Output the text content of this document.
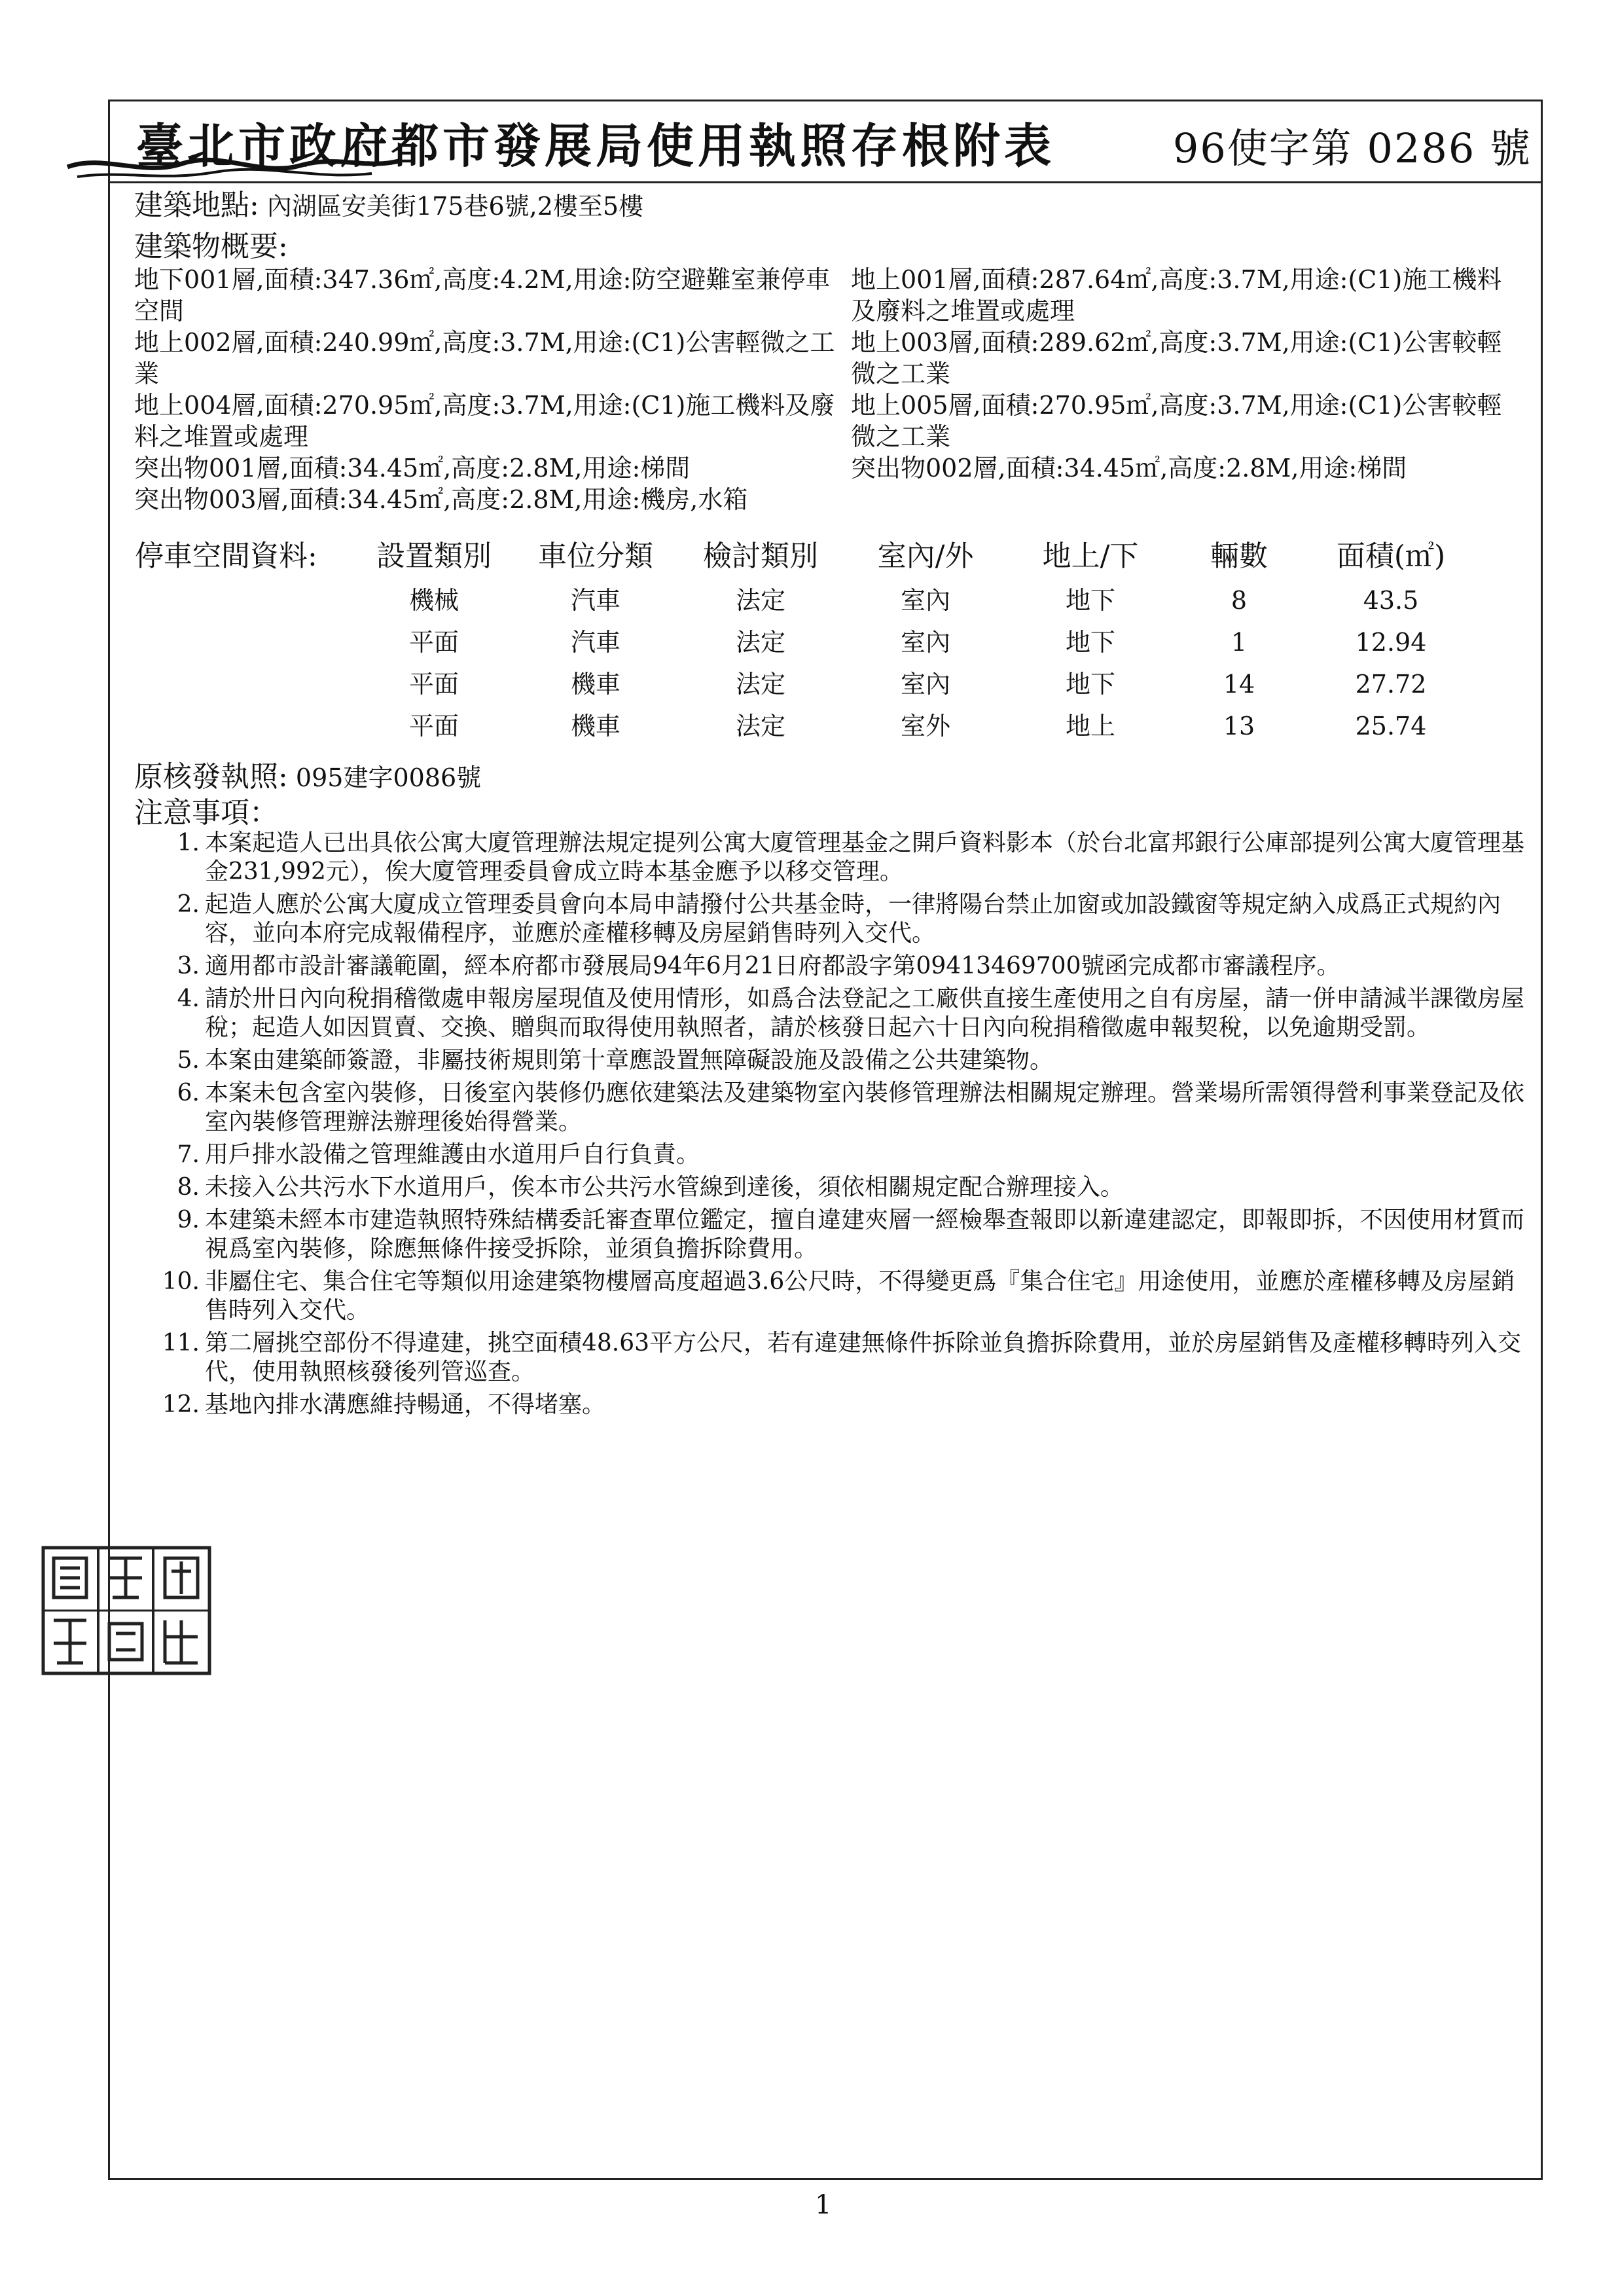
臺北市政府都市發展局使用執照存根附表	96使字第 0286 號
建築地點: 內湖區安美街175巷6號,2樓至5樓
建築物概要:
地下001層,面積:347.36㎡,高度:4.2M,用途:防空避難室兼停車空間
地上001層,面積:287.64㎡,高度:3.7M,用途:(C1)施工機料及廢料之堆置或處理
地上002層,面積:240.99㎡,高度:3.7M,用途:(C1)公害輕微之工業
地上003層,面積:289.62㎡,高度:3.7M,用途:(C1)公害較輕微之工業
地上004層,面積:270.95㎡,高度:3.7M,用途:(C1)施工機料及廢料之堆置或處理
地上005層,面積:270.95㎡,高度:3.7M,用途:(C1)公害較輕微之工業
突出物001層,面積:34.45㎡,高度:2.8M,用途:梯間	突出物002層,面積:34.45㎡,高度:2.8M,用途:梯間
突出物003層,面積:34.45㎡,高度:2.8M,用途:機房,水箱
停車空間資料:	設置類別	車位分類	檢討類別	室內/外	地上/下	輛數	面積(㎡)
	機械	汽車	法定	室內	地下	8	43.5
	平面	汽車	法定	室內	地下	1	12.94
	平面	機車	法定	室內	地下	14	27.72
	平面	機車	法定	室外	地上	13	25.74
原核發執照: 095建字0086號
注意事項：
1. 本案起造人已出具依公寓大廈管理辦法規定提列公寓大廈管理基金之開戶資料影本（於台北富邦銀行公庫部提列公寓大廈管理基金231,992元），俟大廈管理委員會成立時本基金應予以移交管理。
2. 起造人應於公寓大廈成立管理委員會向本局申請撥付公共基金時，一律將陽台禁止加窗或加設鐵窗等規定納入成爲正式規約內容，並向本府完成報備程序，並應於產權移轉及房屋銷售時列入交代。
3. 適用都市設計審議範圍，經本府都市發展局94年6月21日府都設字第09413469700號函完成都市審議程序。
4. 請於卅日內向稅捐稽徵處申報房屋現值及使用情形，如爲合法登記之工廠供直接生產使用之自有房屋，請一併申請減半課徵房屋稅；起造人如因買賣、交換、贈與而取得使用執照者，請於核發日起六十日內向稅捐稽徵處申報契稅，以免逾期受罰。
5. 本案由建築師簽證，非屬技術規則第十章應設置無障礙設施及設備之公共建築物。
6. 本案未包含室內裝修，日後室內裝修仍應依建築法及建築物室內裝修管理辦法相關規定辦理。營業場所需領得營利事業登記及依室內裝修管理辦法辦理後始得營業。
7. 用戶排水設備之管理維護由水道用戶自行負責。
8. 未接入公共污水下水道用戶，俟本市公共污水管線到達後，須依相關規定配合辦理接入。
9. 本建築未經本市建造執照特殊結構委託審查單位鑑定，擅自違建夾層一經檢舉查報即以新違建認定，即報即拆，不因使用材質而視爲室內裝修，除應無條件接受拆除，並須負擔拆除費用。
10. 非屬住宅、集合住宅等類似用途建築物樓層高度超過3.6公尺時，不得變更爲『集合住宅』用途使用，並應於產權移轉及房屋銷售時列入交代。
11. 第二層挑空部份不得違建，挑空面積48.63平方公尺，若有違建無條件拆除並負擔拆除費用，並於房屋銷售及產權移轉時列入交代，使用執照核發後列管巡查。
12. 基地內排水溝應維持暢通，不得堵塞。
1
